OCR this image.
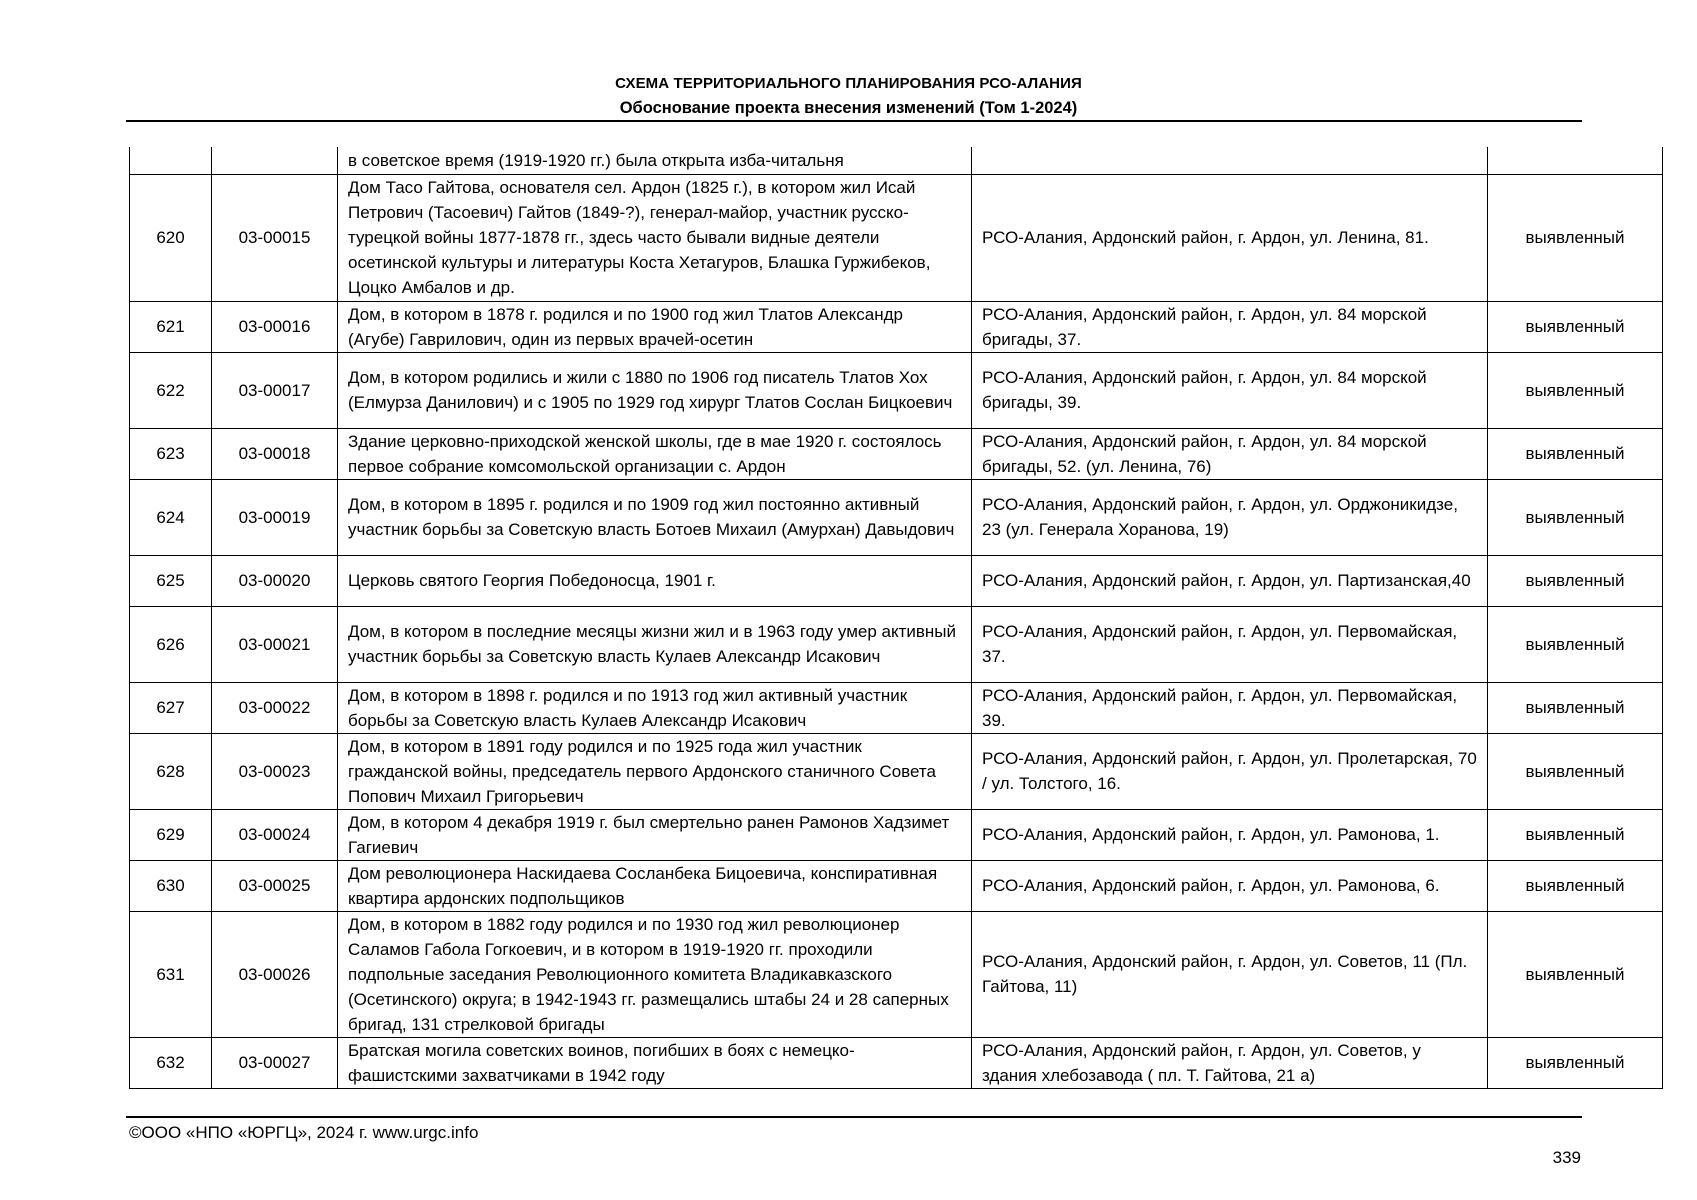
СХЕМА ТЕРРИТОРИАЛЬНОГО ПЛАНИРОВАНИЯ РСО-АЛАНИЯ
Обоснование проекта внесения изменений (Том 1-2024)
		в советское время (1919-1920 гг.) была открыта изба-читальня		
620	03-00015	Дом Тасо Гайтова, основателя сел. Ардон (1825 г.), в котором жил Исай Петрович (Тасоевич) Гайтов (1849-?), генерал-майор, участник русско-турецкой войны 1877-1878 гг., здесь часто бывали видные деятели осетинской культуры и литературы Коста Хетагуров, Блашка Гуржибеков, Цоцко Амбалов и др.	РСО-Алания, Ардонский район, г. Ардон, ул. Ленина, 81.	выявленный
621	03-00016	Дом, в котором в 1878 г. родился и по 1900 год жил Тлатов Александр (Агубе) Гаврилович, один из первых врачей-осетин	РСО-Алания, Ардонский район, г. Ардон, ул. 84 морской бригады, 37.	выявленный
622	03-00017	Дом, в котором родились и жили с 1880 по 1906 год писатель Тлатов Хох (Елмурза Данилович) и с 1905 по 1929 год хирург Тлатов Сослан Бицкоевич	РСО-Алания, Ардонский район, г. Ардон, ул. 84 морской бригады, 39.	выявленный
623	03-00018	Здание церковно-приходской женской школы, где в мае 1920 г. состоялось первое собрание комсомольской организации с. Ардон	РСО-Алания, Ардонский район, г. Ардон, ул. 84 морской бригады, 52. (ул. Ленина, 76)	выявленный
624	03-00019	Дом, в котором в 1895 г. родился и по 1909 год жил постоянно активный участник борьбы за Советскую власть Ботоев Михаил (Амурхан) Давыдович	РСО-Алания, Ардонский район, г. Ардон, ул. Орджоникидзе, 23 (ул. Генерала Хоранова, 19)	выявленный
625	03-00020	Церковь святого Георгия Победоносца, 1901 г.	РСО-Алания, Ардонский район, г. Ардон, ул. Партизанская,40	выявленный
626	03-00021	Дом, в котором в последние месяцы жизни жил и в 1963 году умер активный участник борьбы за Советскую власть Кулаев Александр Исакович	РСО-Алания, Ардонский район, г. Ардон, ул. Первомайская, 37.	выявленный
627	03-00022	Дом, в котором в 1898 г. родился и по 1913 год жил активный участник борьбы за Советскую власть Кулаев Александр Исакович	РСО-Алания, Ардонский район, г. Ардон, ул. Первомайская, 39.	выявленный
628	03-00023	Дом, в котором в 1891 году родился и по 1925 года жил участник гражданской войны, председатель первого Ардонского станичного Совета Попович Михаил Григорьевич	РСО-Алания, Ардонский район, г. Ардон, ул. Пролетарская, 70 / ул. Толстого, 16.	выявленный
629	03-00024	Дом, в котором 4 декабря 1919 г. был смертельно ранен Рамонов Хадзимет Гагиевич	РСО-Алания, Ардонский район, г. Ардон, ул. Рамонова, 1.	выявленный
630	03-00025	Дом революционера Наскидаева Сосланбека Бицоевича, конспиративная квартира ардонских подпольщиков	РСО-Алания, Ардонский район, г. Ардон, ул. Рамонова, 6.	выявленный
631	03-00026	Дом, в котором в 1882 году родился и по 1930 год жил революционер Саламов Габола Гогкоевич, и в котором в 1919-1920 гг. проходили подпольные заседания Революционного комитета Владикавказского (Осетинского) округа; в 1942-1943 гг. размещались штабы 24 и 28 саперных бригад, 131 стрелковой бригады	РСО-Алания, Ардонский район, г. Ардон, ул. Советов, 11 (Пл. Гайтова, 11)	выявленный
632	03-00027	Братская могила советских воинов, погибших в боях с немецко-фашистскими захватчиками в 1942 году	РСО-Алания, Ардонский район, г. Ардон, ул. Советов, у здания хлебозавода ( пл. Т. Гайтова, 21 а)	выявленный
©ООО «НПО «ЮРГЦ», 2024 г. www.urgc.info
339
